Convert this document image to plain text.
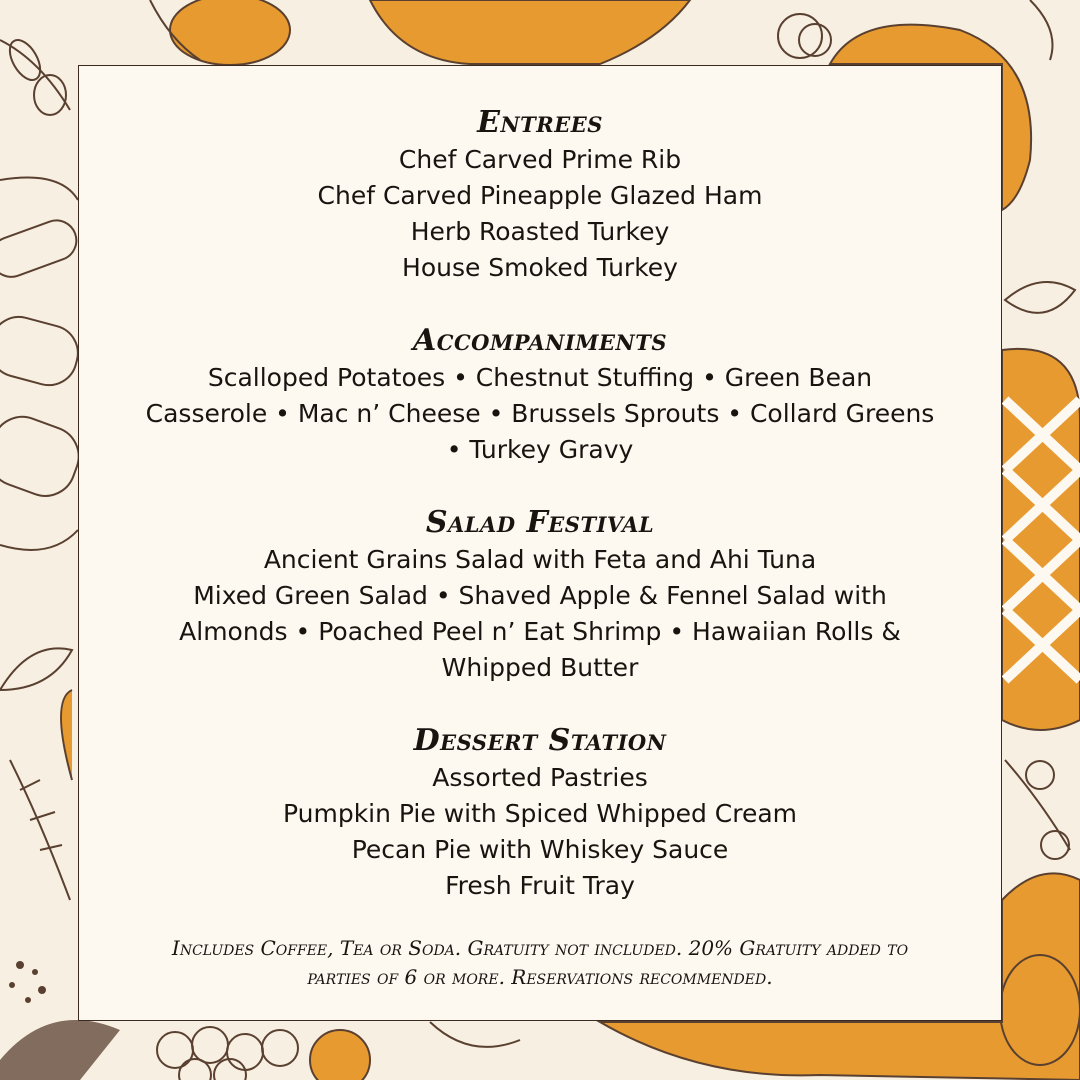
Entrees

Chef Carved Prime Rib

Chef Carved Pineapple Glazed Ham

Herb Roasted Turkey

House Smoked Turkey

Accompaniments

Scalloped Potatoes • Chestnut Stuffing • Green Bean Casserole • Mac n’ Cheese • Brussels Sprouts • Collard Greens • Turkey Gravy

Salad Festival

Ancient Grains Salad with Feta and Ahi Tuna

Mixed Green Salad • Shaved Apple & Fennel Salad with Almonds • Poached Peel n’ Eat Shrimp • Hawaiian Rolls & Whipped Butter

Dessert Station

Assorted Pastries

Pumpkin Pie with Spiced Whipped Cream

Pecan Pie with Whiskey Sauce

Fresh Fruit Tray

Includes Coffee, Tea or Soda. Gratuity not included. 20% Gratuity added to parties of 6 or more. Reservations recommended.
